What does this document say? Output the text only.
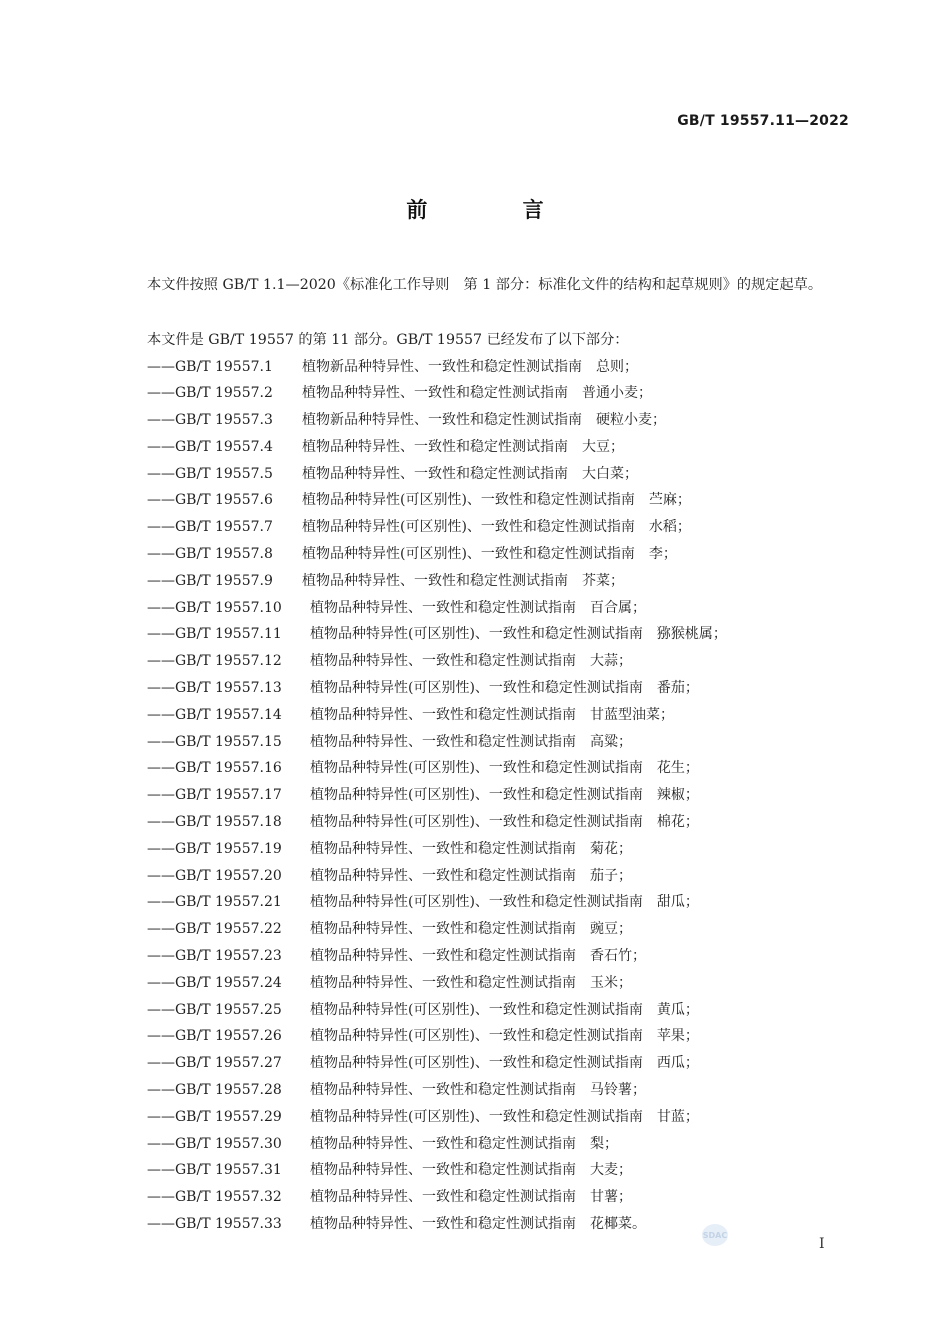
GB/T 19557.11—2022
前 言
本文件按照 GB/T 1.1—2020《标准化工作导则　第 1 部分：标准化文件的结构和起草规则》的规定起草。
本文件是 GB/T 19557 的第 11 部分。GB/T 19557 已经发布了以下部分：
——GB/T 19557.1 植物新品种特异性、一致性和稳定性测试指南　总则；
——GB/T 19557.2 植物品种特异性、一致性和稳定性测试指南　普通小麦；
——GB/T 19557.3 植物新品种特异性、一致性和稳定性测试指南　硬粒小麦；
——GB/T 19557.4 植物品种特异性、一致性和稳定性测试指南　大豆；
——GB/T 19557.5 植物品种特异性、一致性和稳定性测试指南　大白菜；
——GB/T 19557.6 植物品种特异性(可区别性)、一致性和稳定性测试指南　苎麻；
——GB/T 19557.7 植物品种特异性(可区别性)、一致性和稳定性测试指南　水稻；
——GB/T 19557.8 植物品种特异性(可区别性)、一致性和稳定性测试指南　李；
——GB/T 19557.9 植物品种特异性、一致性和稳定性测试指南　芥菜；
——GB/T 19557.10 植物品种特异性、一致性和稳定性测试指南　百合属；
——GB/T 19557.11 植物品种特异性(可区别性)、一致性和稳定性测试指南　猕猴桃属；
——GB/T 19557.12 植物品种特异性、一致性和稳定性测试指南　大蒜；
——GB/T 19557.13 植物品种特异性(可区别性)、一致性和稳定性测试指南　番茄；
——GB/T 19557.14 植物品种特异性、一致性和稳定性测试指南　甘蓝型油菜；
——GB/T 19557.15 植物品种特异性、一致性和稳定性测试指南　高粱；
——GB/T 19557.16 植物品种特异性(可区别性)、一致性和稳定性测试指南　花生；
——GB/T 19557.17 植物品种特异性(可区别性)、一致性和稳定性测试指南　辣椒；
——GB/T 19557.18 植物品种特异性(可区别性)、一致性和稳定性测试指南　棉花；
——GB/T 19557.19 植物品种特异性、一致性和稳定性测试指南　菊花；
——GB/T 19557.20 植物品种特异性、一致性和稳定性测试指南　茄子；
——GB/T 19557.21 植物品种特异性(可区别性)、一致性和稳定性测试指南　甜瓜；
——GB/T 19557.22 植物品种特异性、一致性和稳定性测试指南　豌豆；
——GB/T 19557.23 植物品种特异性、一致性和稳定性测试指南　香石竹；
——GB/T 19557.24 植物品种特异性、一致性和稳定性测试指南　玉米；
——GB/T 19557.25 植物品种特异性(可区别性)、一致性和稳定性测试指南　黄瓜；
——GB/T 19557.26 植物品种特异性(可区别性)、一致性和稳定性测试指南　苹果；
——GB/T 19557.27 植物品种特异性(可区别性)、一致性和稳定性测试指南　西瓜；
——GB/T 19557.28 植物品种特异性、一致性和稳定性测试指南　马铃薯；
——GB/T 19557.29 植物品种特异性(可区别性)、一致性和稳定性测试指南　甘蓝；
——GB/T 19557.30 植物品种特异性、一致性和稳定性测试指南　梨；
——GB/T 19557.31 植物品种特异性、一致性和稳定性测试指南　大麦；
——GB/T 19557.32 植物品种特异性、一致性和稳定性测试指南　甘薯；
——GB/T 19557.33 植物品种特异性、一致性和稳定性测试指南　花椰菜。
SDAC
I
